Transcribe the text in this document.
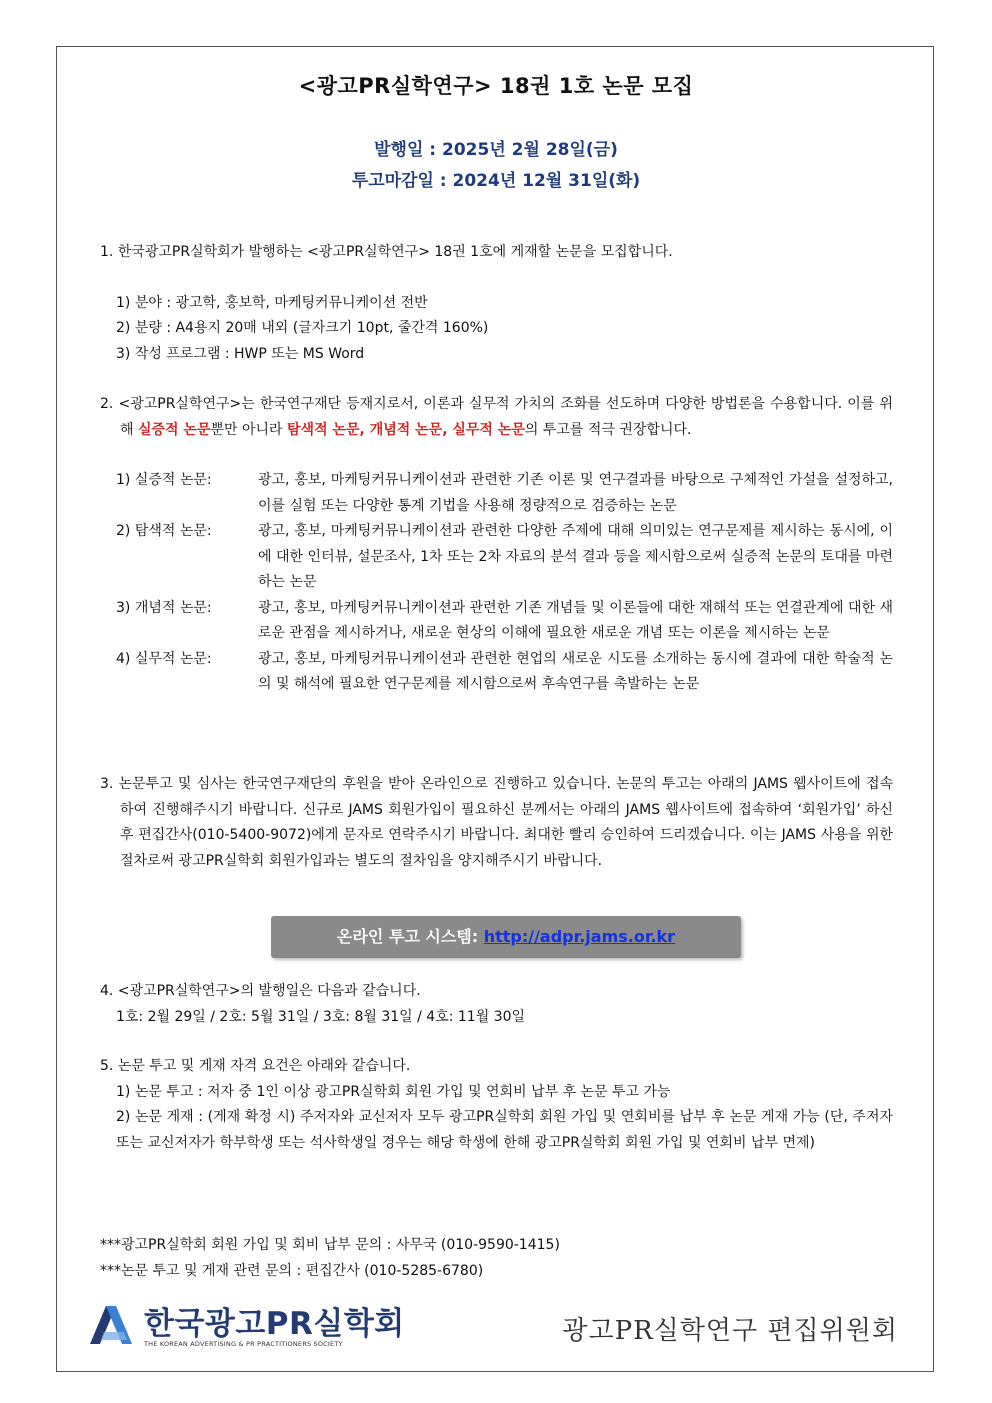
<광고PR실학연구> 18권 1호 논문 모집
발행일 : 2025년 2월 28일(금)
투고마감일 : 2024년 12월 31일(화)

1. 한국광고PR실학회가 발행하는 <광고PR실학연구> 18권 1호에 게재할 논문을 모집합니다.

1) 분야 : 광고학, 홍보학, 마케팅커뮤니케이션 전반

2) 분량 : A4용지 20매 내외 (글자크기 10pt, 줄간격 160%)

3) 작성 프로그램 : HWP 또는 MS Word

2. <광고PR실학연구>는 한국연구재단 등재지로서, 이론과 실무적 가치의 조화를 선도하며 다양한 방법론을 수용합니다. 이를 위해 실증적 논문뿐만 아니라 탐색적 논문, 개념적 논문, 실무적 논문의 투고를 적극 권장합니다.

1) 실증적 논문:	광고, 홍보, 마케팅커뮤니케이션과 관련한 기존 이론 및 연구결과를 바탕으로 구체적인 가설을 설정하고, 이를 실험 또는 다양한 통계 기법을 사용해 정량적으로 검증하는 논문
2) 탐색적 논문:	광고, 홍보, 마케팅커뮤니케이션과 관련한 다양한 주제에 대해 의미있는 연구문제를 제시하는 동시에, 이에 대한 인터뷰, 설문조사, 1차 또는 2차 자료의 분석 결과 등을 제시함으로써 실증적 논문의 토대를 마련하는 논문
3) 개념적 논문:	광고, 홍보, 마케팅커뮤니케이션과 관련한 기존 개념들 및 이론들에 대한 재해석 또는 연결관계에 대한 새로운 관점을 제시하거나, 새로운 현상의 이해에 필요한 새로운 개념 또는 이론을 제시하는 논문
4) 실무적 논문:	광고, 홍보, 마케팅커뮤니케이션과 관련한 현업의 새로운 시도를 소개하는 동시에 결과에 대한 학술적 논의 및 해석에 필요한 연구문제를 제시함으로써 후속연구를 촉발하는 논문

3. 논문투고 및 심사는 한국연구재단의 후원을 받아 온라인으로 진행하고 있습니다. 논문의 투고는 아래의 JAMS 웹사이트에 접속하여 진행해주시기 바랍니다. 신규로 JAMS 회원가입이 필요하신 분께서는 아래의 JAMS 웹사이트에 접속하여 ‘회원가입’ 하신 후 편집간사(010-5400-9072)에게 문자로 연락주시기 바랍니다. 최대한 빨리 승인하여 드리겠습니다. 이는 JAMS 사용을 위한 절차로써 광고PR실학회 회원가입과는 별도의 절차임을 양지해주시기 바랍니다.

온라인 투고 시스템: http://adpr.jams.or.kr

4. <광고PR실학연구>의 발행일은 다음과 같습니다.

1호: 2월 29일 / 2호: 5월 31일 / 3호: 8월 31일 / 4호: 11월 30일

5. 논문 투고 및 게재 자격 요건은 아래와 같습니다.

1) 논문 투고 : 저자 중 1인 이상 광고PR실학회 회원 가입 및 연회비 납부 후 논문 투고 가능

2) 논문 게재 : (게재 확정 시) 주저자와 교신저자 모두 광고PR실학회 회원 가입 및 연회비를 납부 후 논문 게재 가능 (단, 주저자 또는 교신저자가 학부학생 또는 석사학생일 경우는 해당 학생에 한해 광고PR실학회 회원 가입 및 연회비 납부 면제)

***광고PR실학회 회원 가입 및 회비 납부 문의 : 사무국 (010-9590-1415)
***논문 투고 및 게재 관련 문의 : 편집간사 (010-5285-6780)
한국광고PR실학회
THE KOREAN ADVERTISING & PR PRACTITIONERS SOCIETY	광고PR실학연구 편집위원회
